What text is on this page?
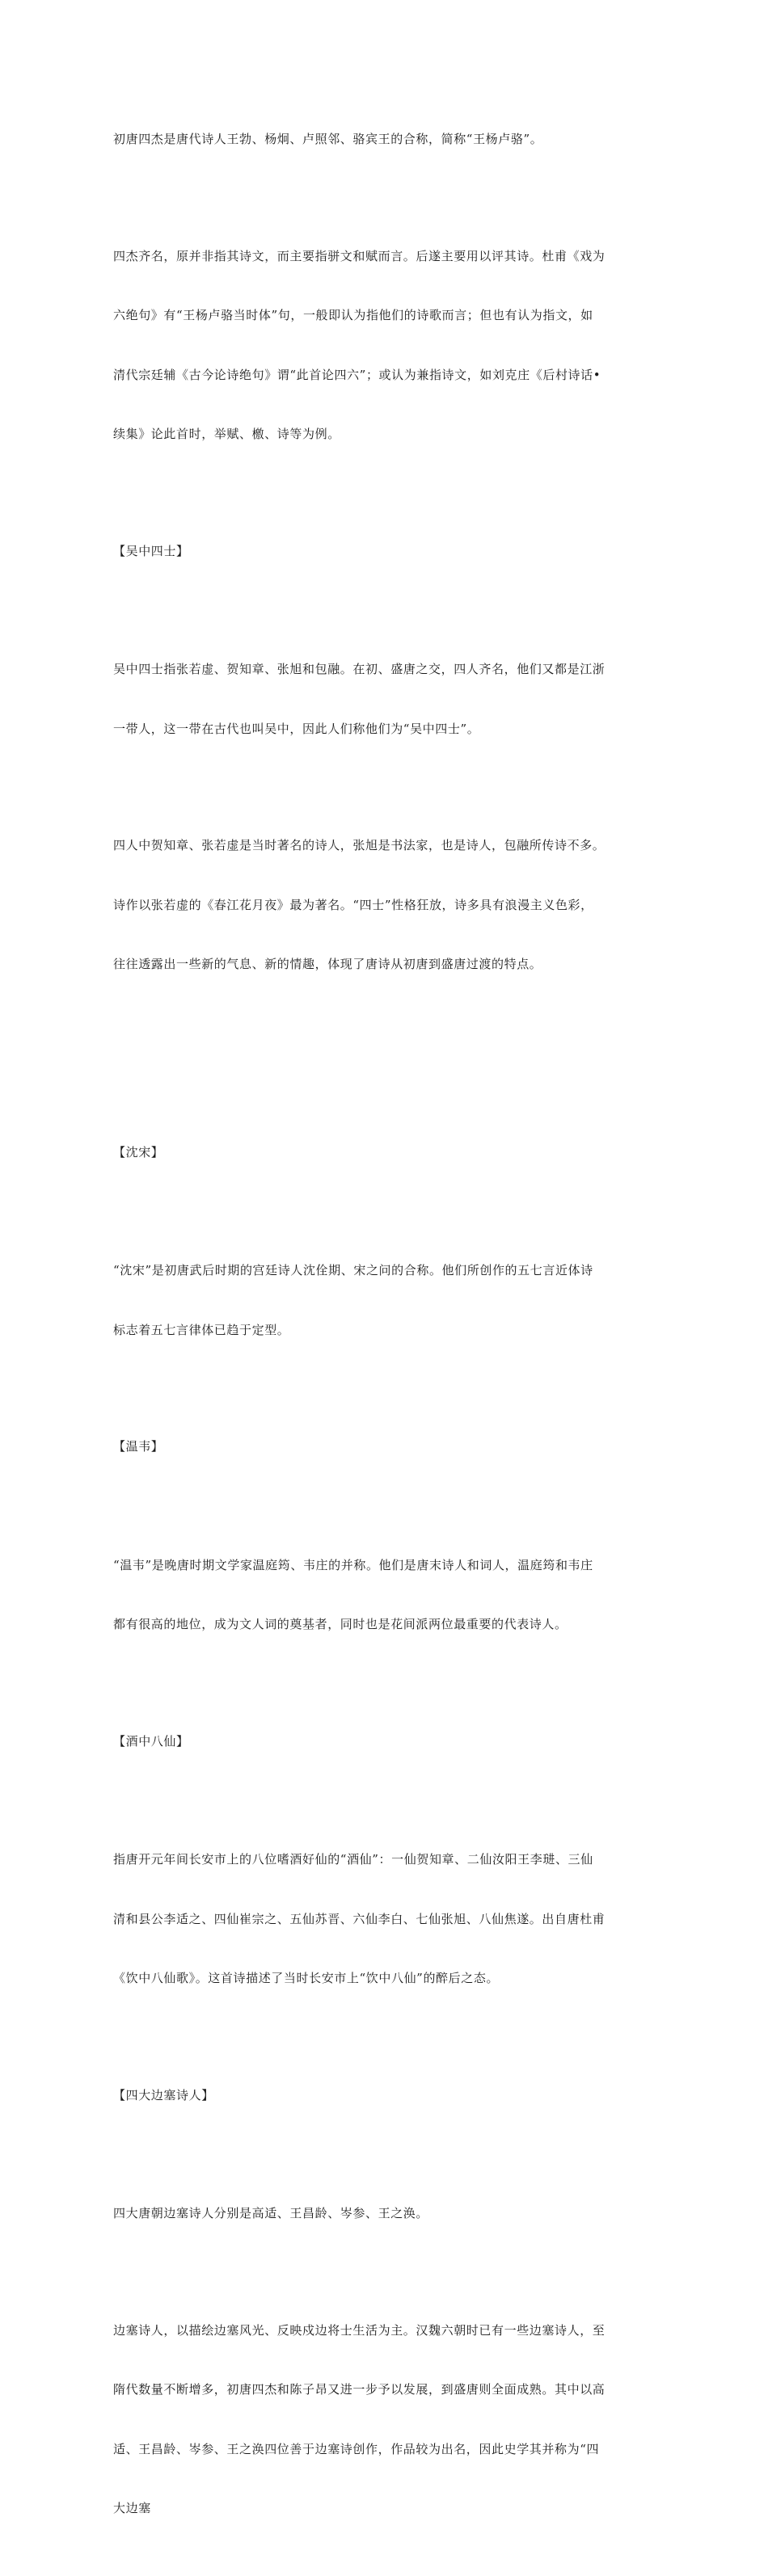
初唐四杰是唐代诗人王勃、杨炯、卢照邻、骆宾王的合称，简称“王杨卢骆”。

四杰齐名，原并非指其诗文，而主要指骈文和赋而言。后遂主要用以评其诗。杜甫《戏为

六绝句》有“王杨卢骆当时体”句，一般即认为指他们的诗歌而言；但也有认为指文，如

清代宗廷辅《古今论诗绝句》谓“此首论四六”；或认为兼指诗文，如刘克庄《后村诗话•

续集》论此首时，举赋、檄、诗等为例。

【吴中四士】

吴中四士指张若虚、贺知章、张旭和包融。在初、盛唐之交，四人齐名，他们又都是江浙

一带人，这一带在古代也叫吴中，因此人们称他们为“吴中四士”。

四人中贺知章、张若虚是当时著名的诗人，张旭是书法家，也是诗人，包融所传诗不多。

诗作以张若虚的《春江花月夜》最为著名。“四士”性格狂放，诗多具有浪漫主义色彩，

往往透露出一些新的气息、新的情趣，体现了唐诗从初唐到盛唐过渡的特点。

【沈宋】

“沈宋”是初唐武后时期的宫廷诗人沈佺期、宋之问的合称。他们所创作的五七言近体诗

标志着五七言律体已趋于定型。

【温韦】

“温韦”是晚唐时期文学家温庭筠、韦庄的并称。他们是唐末诗人和词人，温庭筠和韦庄

都有很高的地位，成为文人词的奠基者，同时也是花间派两位最重要的代表诗人。

【酒中八仙】

指唐开元年间长安市上的八位嗜酒好仙的“酒仙”：一仙贺知章、二仙汝阳王李琎、三仙

清和县公李适之、四仙崔宗之、五仙苏晋、六仙李白、七仙张旭、八仙焦遂。出自唐杜甫

《饮中八仙歌》。这首诗描述了当时长安市上“饮中八仙”的醉后之态。

【四大边塞诗人】

四大唐朝边塞诗人分别是高适、王昌龄、岑参、王之涣。

边塞诗人，以描绘边塞风光、反映戍边将士生活为主。汉魏六朝时已有一些边塞诗人，至

隋代数量不断增多，初唐四杰和陈子昂又进一步予以发展，到盛唐则全面成熟。其中以高

适、王昌龄、岑参、王之涣四位善于边塞诗创作，作品较为出名，因此史学其并称为“四

大边塞
